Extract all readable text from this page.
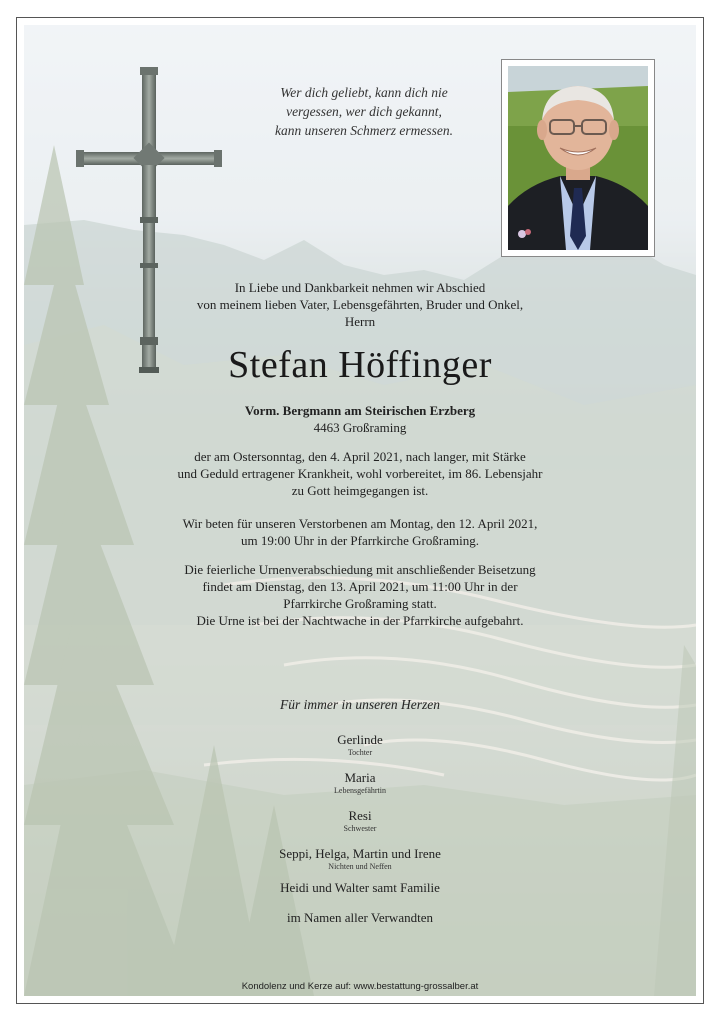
Wer dich geliebt, kann dich nie
vergessen, wer dich gekannt,
kann unseren Schmerz ermessen.
In Liebe und Dankbarkeit nehmen wir Abschied
von meinem lieben Vater, Lebensgefährten, Bruder und Onkel,
Herrn
Stefan Höffinger
Vorm. Bergmann am Steirischen Erzberg
4463 Großraming
der am Ostersonntag, den 4. April 2021, nach langer, mit Stärke
und Geduld ertragener Krankheit, wohl vorbereitet, im 86. Lebensjahr
zu Gott heimgegangen ist.
Wir beten für unseren Verstorbenen am Montag, den 12. April 2021,
um 19:00 Uhr in der Pfarrkirche Großraming.
Die feierliche Urnenverabschiedung mit anschließender Beisetzung
findet am Dienstag, den 13. April 2021, um 11:00 Uhr in der
Pfarrkirche Großraming statt.
Die Urne ist bei der Nachtwache in der Pfarrkirche aufgebahrt.
Für immer in unseren Herzen
Gerlinde
Tochter
Maria
Lebensgefährtin
Resi
Schwester
Seppi, Helga, Martin und Irene
Nichten und Neffen
Heidi und Walter samt Familie
im Namen aller Verwandten
Kondolenz und Kerze auf: www.bestattung-grossalber.at
